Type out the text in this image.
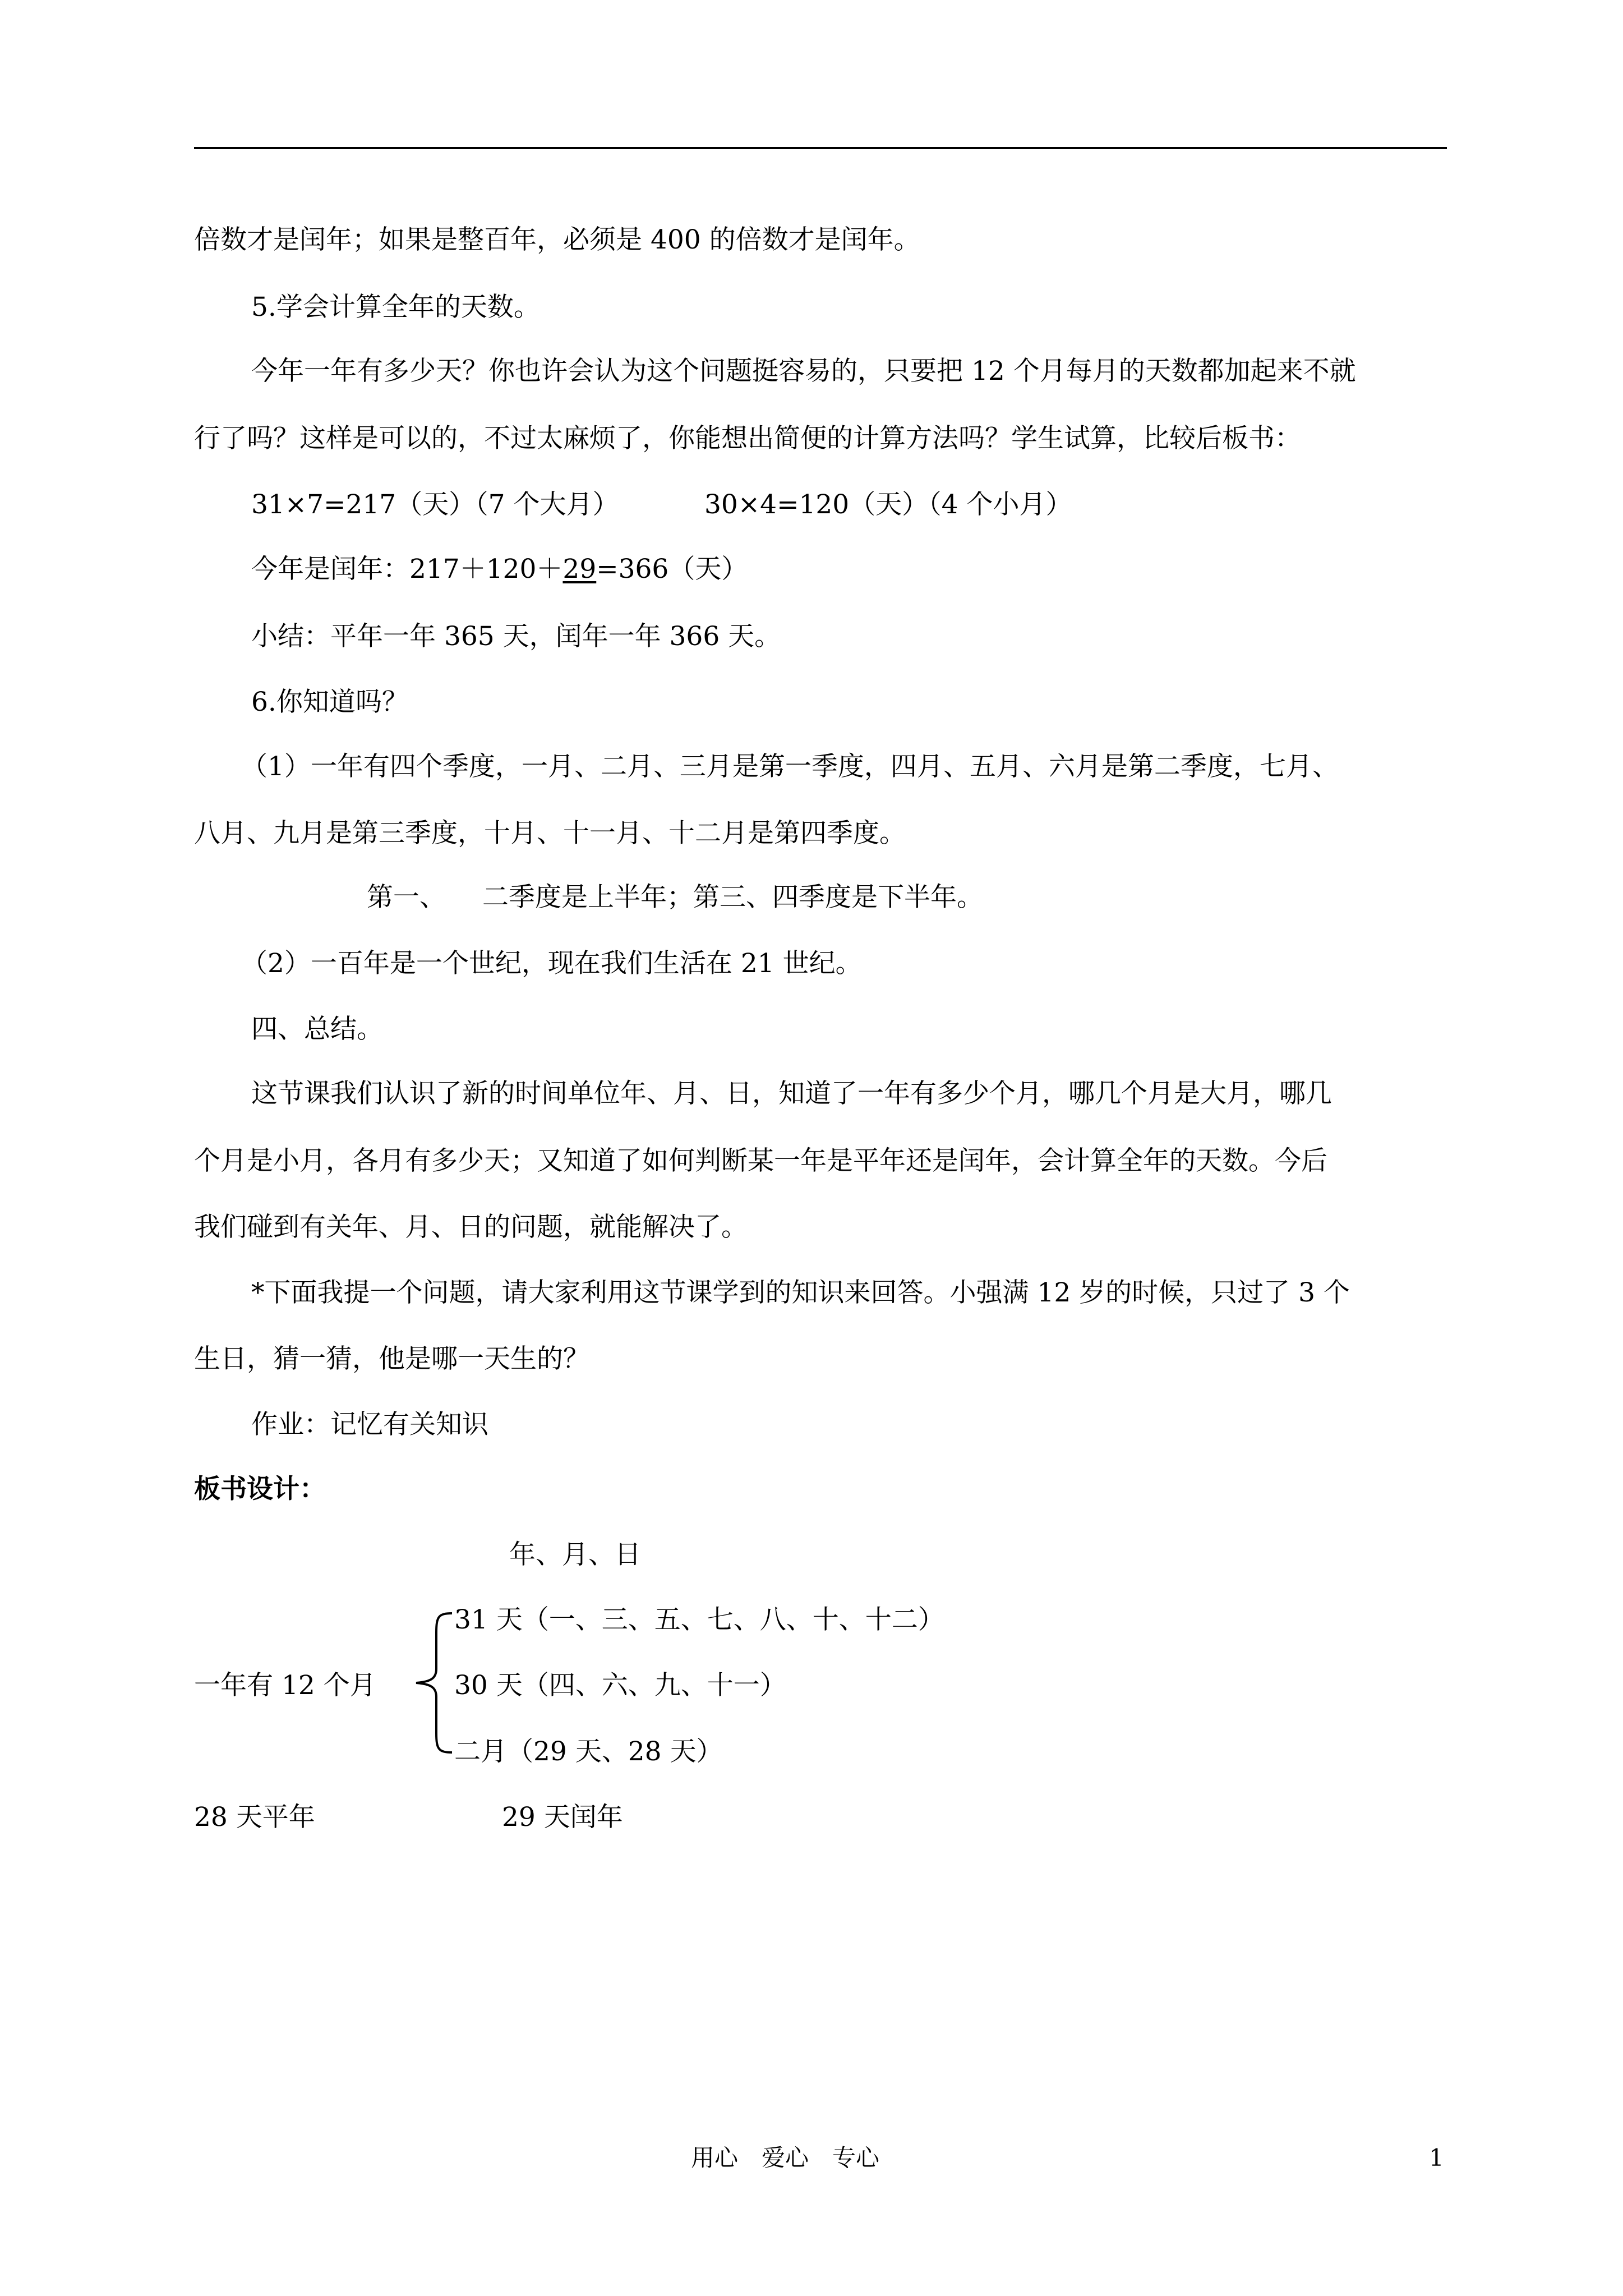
倍数才是闰年；如果是整百年，必须是 400 的倍数才是闰年。
5.学会计算全年的天数。
今年一年有多少天？你也许会认为这个问题挺容易的，只要把 12 个月每月的天数都加起来不就
行了吗？这样是可以的，不过太麻烦了，你能想出简便的计算方法吗？学生试算，比较后板书：
31×7=217（天）（7 个大月）	30×4=120（天）（4 个小月）
今年是闰年：217＋120＋29=366（天）
小结：平年一年 365 天，闰年一年 366 天。
6.你知道吗？
（1）一年有四个季度，一月、二月、三月是第一季度，四月、五月、六月是第二季度，七月、
八月、九月是第三季度，十月、十一月、十二月是第四季度。
第一、 二季度是上半年；第三、四季度是下半年。
（2）一百年是一个世纪，现在我们生活在 21 世纪。
四、总结。
这节课我们认识了新的时间单位年、月、日，知道了一年有多少个月，哪几个月是大月，哪几
个月是小月，各月有多少天；又知道了如何判断某一年是平年还是闰年，会计算全年的天数。今后
我们碰到有关年、月、日的问题，就能解决了。
*下面我提一个问题，请大家利用这节课学到的知识来回答。小强满 12 岁的时候，只过了 3 个
生日，猜一猜，他是哪一天生的？
作业：记忆有关知识
板书设计：
年、月、日
一年有 12 个月
31 天（一、三、五、七、八、十、十二）
30 天（四、六、九、十一）
二月（29 天、28 天）
28 天平年	29 天闰年
用心　爱心　专心	1
